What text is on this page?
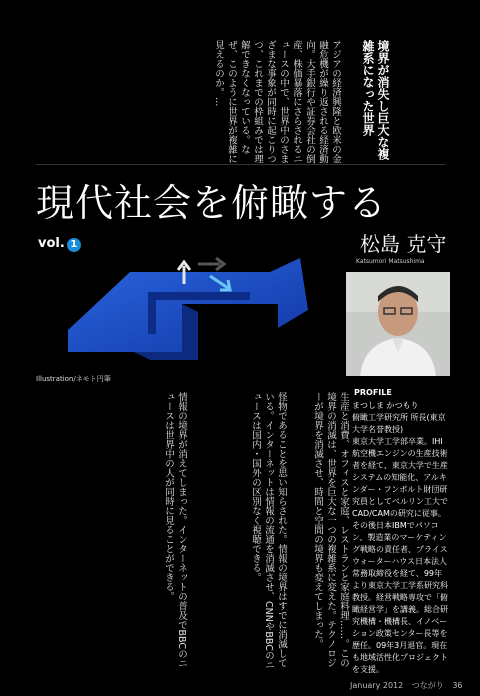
境界が消失し巨大な複雑系になった世界
アジアの経済興隆と欧米の金融危機が繰り返される経済動向。大手銀行や証券会社の倒産、株価暴落にさらされるニュースの中で、世界中のさまざまな事象が同時に起こりつつ、これまでの枠組みでは理解できなくなっている。なぜ、このように世界が複雑に見えるのか。…
現代社会を俯瞰する
vol. 1	松島 克守
Katsumori Matsushima
Illustration/ネモト円筆
生産と消費、オフィスと家庭、レストランと家庭料理……。この境界の消滅は、世界を巨大な一つの複雑系に変えた。テクノロジーが境界を消滅させ、時間と空間の境界も変えてしまった。
怪物であることを思い知らされた。情報の境界はすでに消滅している。インターネットは情報の流通を消滅させ、CNNやBBCのニュースは国内・国外の区別なく視聴できる。
情報の境界が消えてしまった。インターネットの普及でBBCのニュースは世界中の人が同時に見ることができる。	PROFILE

まつしま かつもり

俯瞰工学研究所 所長(東京大学名誉教授)

東京大学工学部卒業。IHI航空機エンジンの生産技術者を経て、東京大学で生産システムの知能化、アルキンダー・フンボルト財団研究員としてベルリン工大でCAD/CAMの研究に従事。その後日本IBMでパソコン、製造業のマーケティング戦略の責任者、プライスウォーターハウス日本法人常務取締役を経て、99年より東京大学工学系研究科教授。経営戦略専攻で「俯瞰経営学」を講義。総合研究機構・機構長、イノベーション政策センター長等を歴任。09年3月退官。現在も地域活性化プロジェクトを支援。

January 2012 つながり 36
